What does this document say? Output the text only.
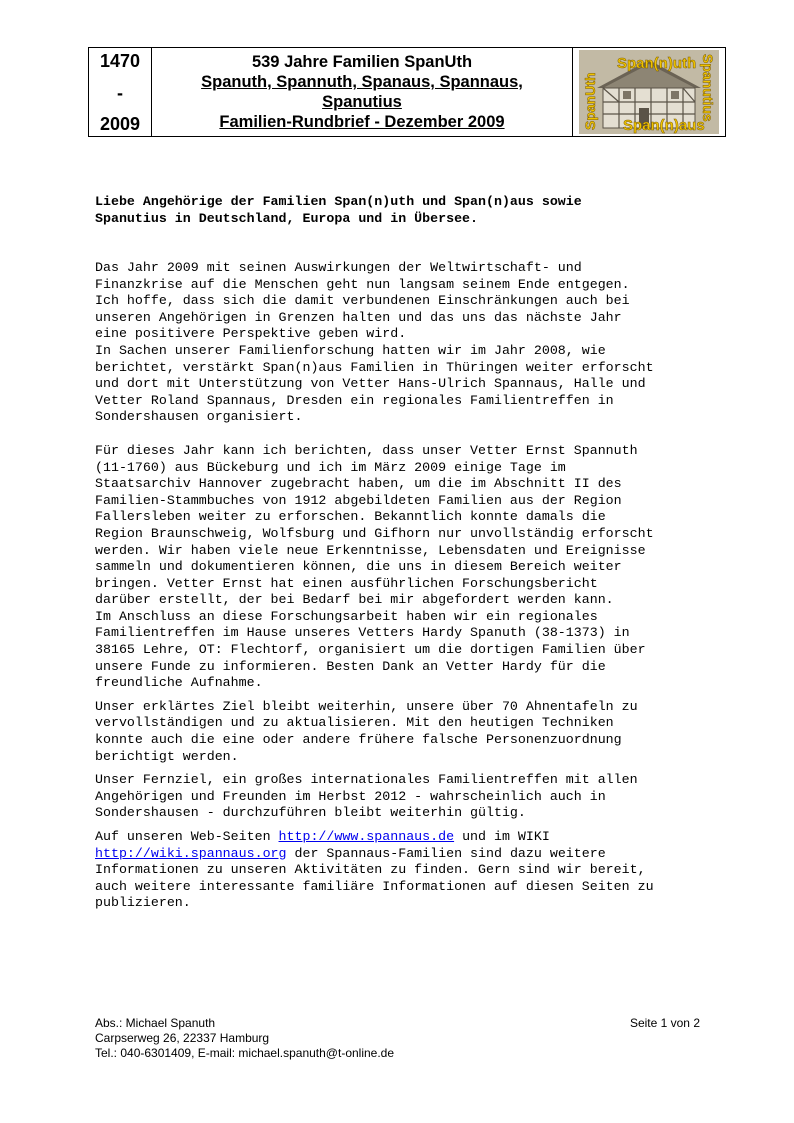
1470
-
2009
539 Jahre Familien SpanUth
Spanuth, Spannuth, Spanaus, Spannaus,
Spanutius
Familien-Rundbrief - Dezember 2009
Span(n)uth
Span(n)aus
SpanUth	Spanutius
Liebe Angehörige der Familien Span(n)uth und Span(n)aus sowie
Spanutius in Deutschland, Europa und in Übersee.

Das Jahr 2009 mit seinen Auswirkungen der Weltwirtschaft- und
Finanzkrise auf die Menschen geht nun langsam seinem Ende entgegen.
Ich hoffe, dass sich die damit verbundenen Einschränkungen auch bei
unseren Angehörigen in Grenzen halten und das uns das nächste Jahr
eine positivere Perspektive geben wird.
In Sachen unserer Familienforschung hatten wir im Jahr 2008, wie
berichtet, verstärkt Span(n)aus Familien in Thüringen weiter erforscht
und dort mit Unterstützung von Vetter Hans-Ulrich Spannaus, Halle und
Vetter Roland Spannaus, Dresden ein regionales Familientreffen in
Sondershausen organisiert.

Für dieses Jahr kann ich berichten, dass unser Vetter Ernst Spannuth
(11-1760) aus Bückeburg und ich im März 2009 einige Tage im
Staatsarchiv Hannover zugebracht haben, um die im Abschnitt II des
Familien-Stammbuches von 1912 abgebildeten Familien aus der Region
Fallersleben weiter zu erforschen. Bekanntlich konnte damals die
Region Braunschweig, Wolfsburg und Gifhorn nur unvollständig erforscht
werden. Wir haben viele neue Erkenntnisse, Lebensdaten und Ereignisse
sammeln und dokumentieren können, die uns in diesem Bereich weiter
bringen. Vetter Ernst hat einen ausführlichen Forschungsbericht
darüber erstellt, der bei Bedarf bei mir abgefordert werden kann.
Im Anschluss an diese Forschungsarbeit haben wir ein regionales
Familientreffen im Hause unseres Vetters Hardy Spanuth (38-1373) in
38165 Lehre, OT: Flechtorf, organisiert um die dortigen Familien über
unsere Funde zu informieren. Besten Dank an Vetter Hardy für die
freundliche Aufnahme.

Unser erklärtes Ziel bleibt weiterhin, unsere über 70 Ahnentafeln zu
vervollständigen und zu aktualisieren. Mit den heutigen Techniken
konnte auch die eine oder andere frühere falsche Personenzuordnung
berichtigt werden.

Unser Fernziel, ein großes internationales Familientreffen mit allen
Angehörigen und Freunden im Herbst 2012 - wahrscheinlich auch in
Sondershausen - durchzuführen bleibt weiterhin gültig.

Auf unseren Web-Seiten http://www.spannaus.de und im WIKI
http://wiki.spannaus.org der Spannaus-Familien sind dazu weitere
Informationen zu unseren Aktivitäten zu finden. Gern sind wir bereit,
auch weitere interessante familiäre Informationen auf diesen Seiten zu
publizieren.

Abs.: Michael Spanuth
Carpserweg 26, 22337 Hamburg
Tel.: 040-6301409, E-mail: michael.spanuth@t-online.de
Seite 1 von 2
